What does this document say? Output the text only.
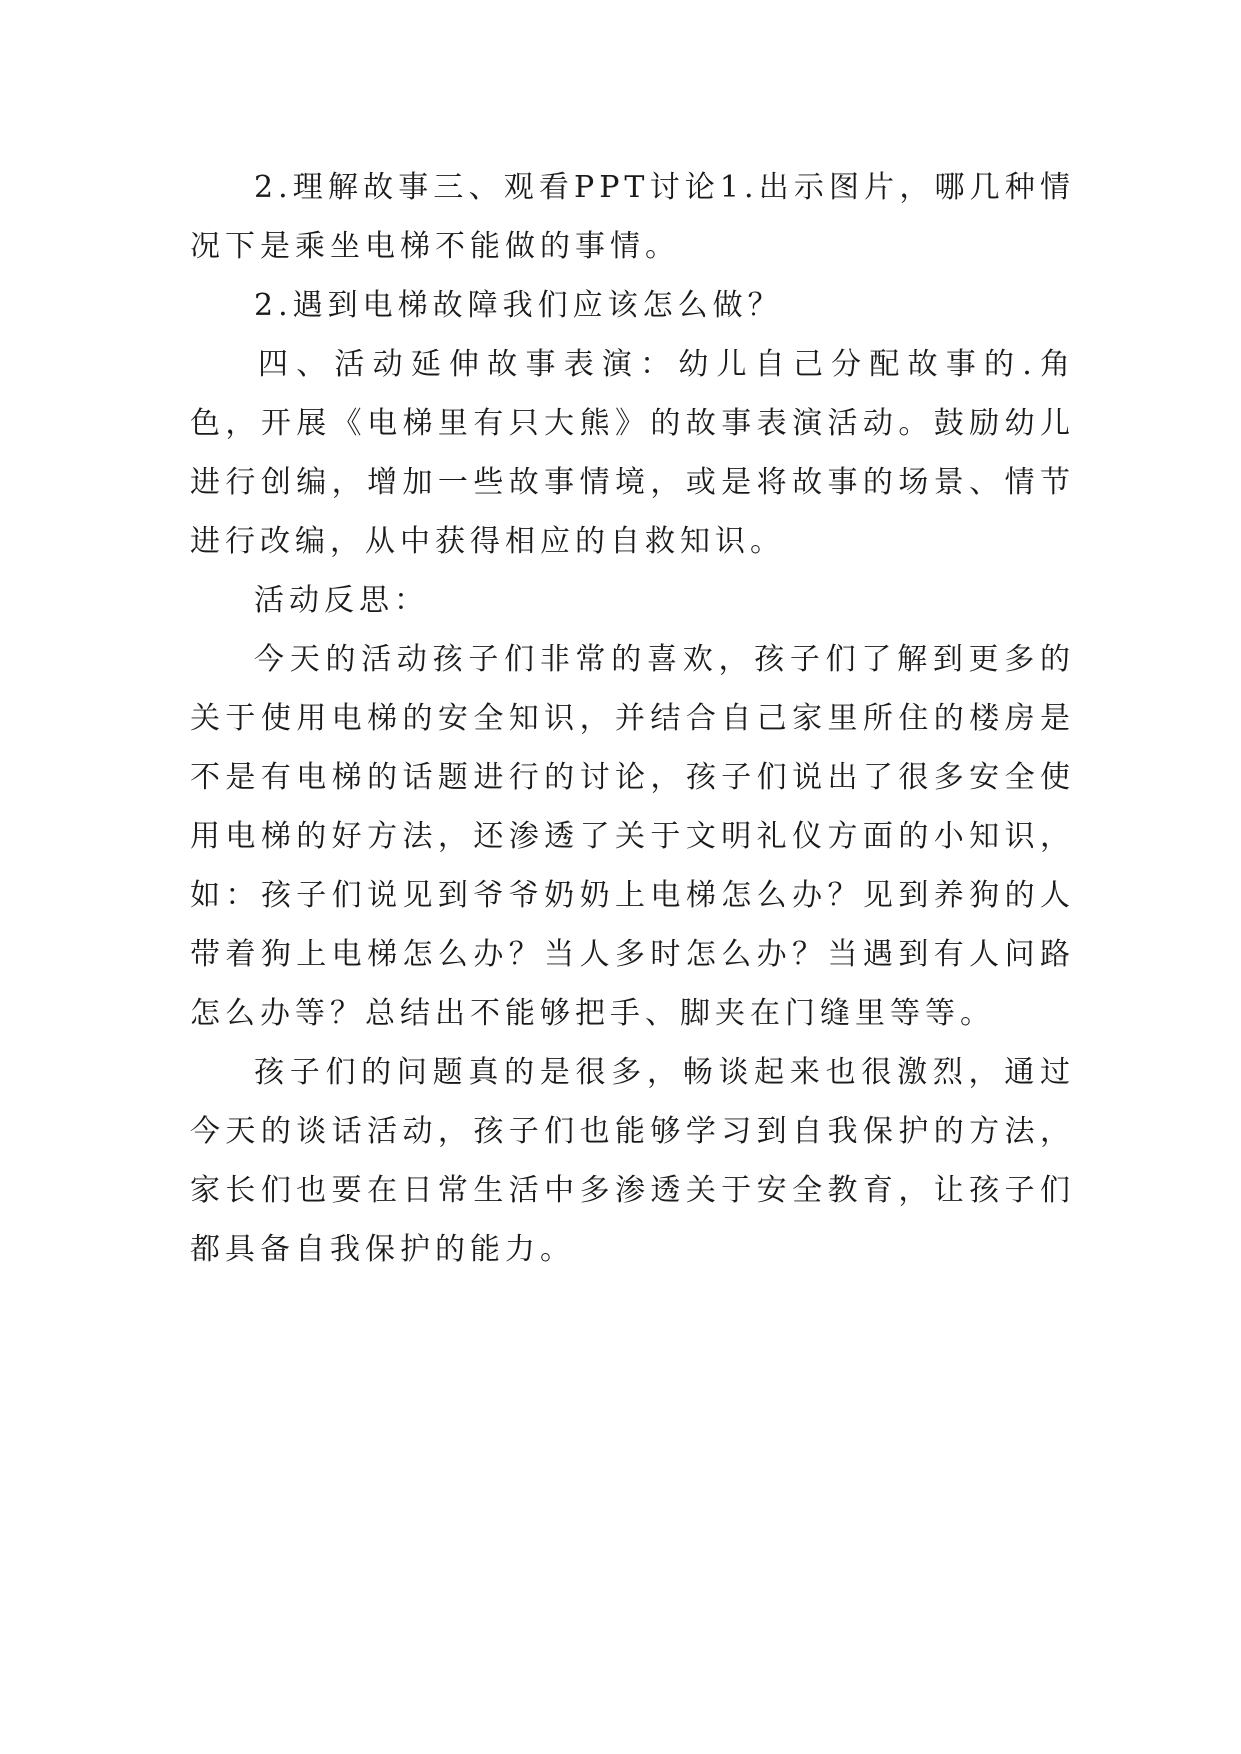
2.理解故事三、观看PPT讨论1.出示图片，哪几种情况下是乘坐电梯不能做的事情。

2.遇到电梯故障我们应该怎么做？

四、活动延伸故事表演：幼儿自己分配故事的.角色，开展《电梯里有只大熊》的故事表演活动。鼓励幼儿进行创编，增加一些故事情境，或是将故事的场景、情节进行改编，从中获得相应的自救知识。

活动反思：

今天的活动孩子们非常的喜欢，孩子们了解到更多的关于使用电梯的安全知识，并结合自己家里所住的楼房是不是有电梯的话题进行的讨论，孩子们说出了很多安全使用电梯的好方法，还渗透了关于文明礼仪方面的小知识，如：孩子们说见到爷爷奶奶上电梯怎么办？见到养狗的人带着狗上电梯怎么办？当人多时怎么办？当遇到有人问路怎么办等？总结出不能够把手、脚夹在门缝里等等。

孩子们的问题真的是很多，畅谈起来也很激烈，通过今天的谈话活动，孩子们也能够学习到自我保护的方法，家长们也要在日常生活中多渗透关于安全教育，让孩子们都具备自我保护的能力。
